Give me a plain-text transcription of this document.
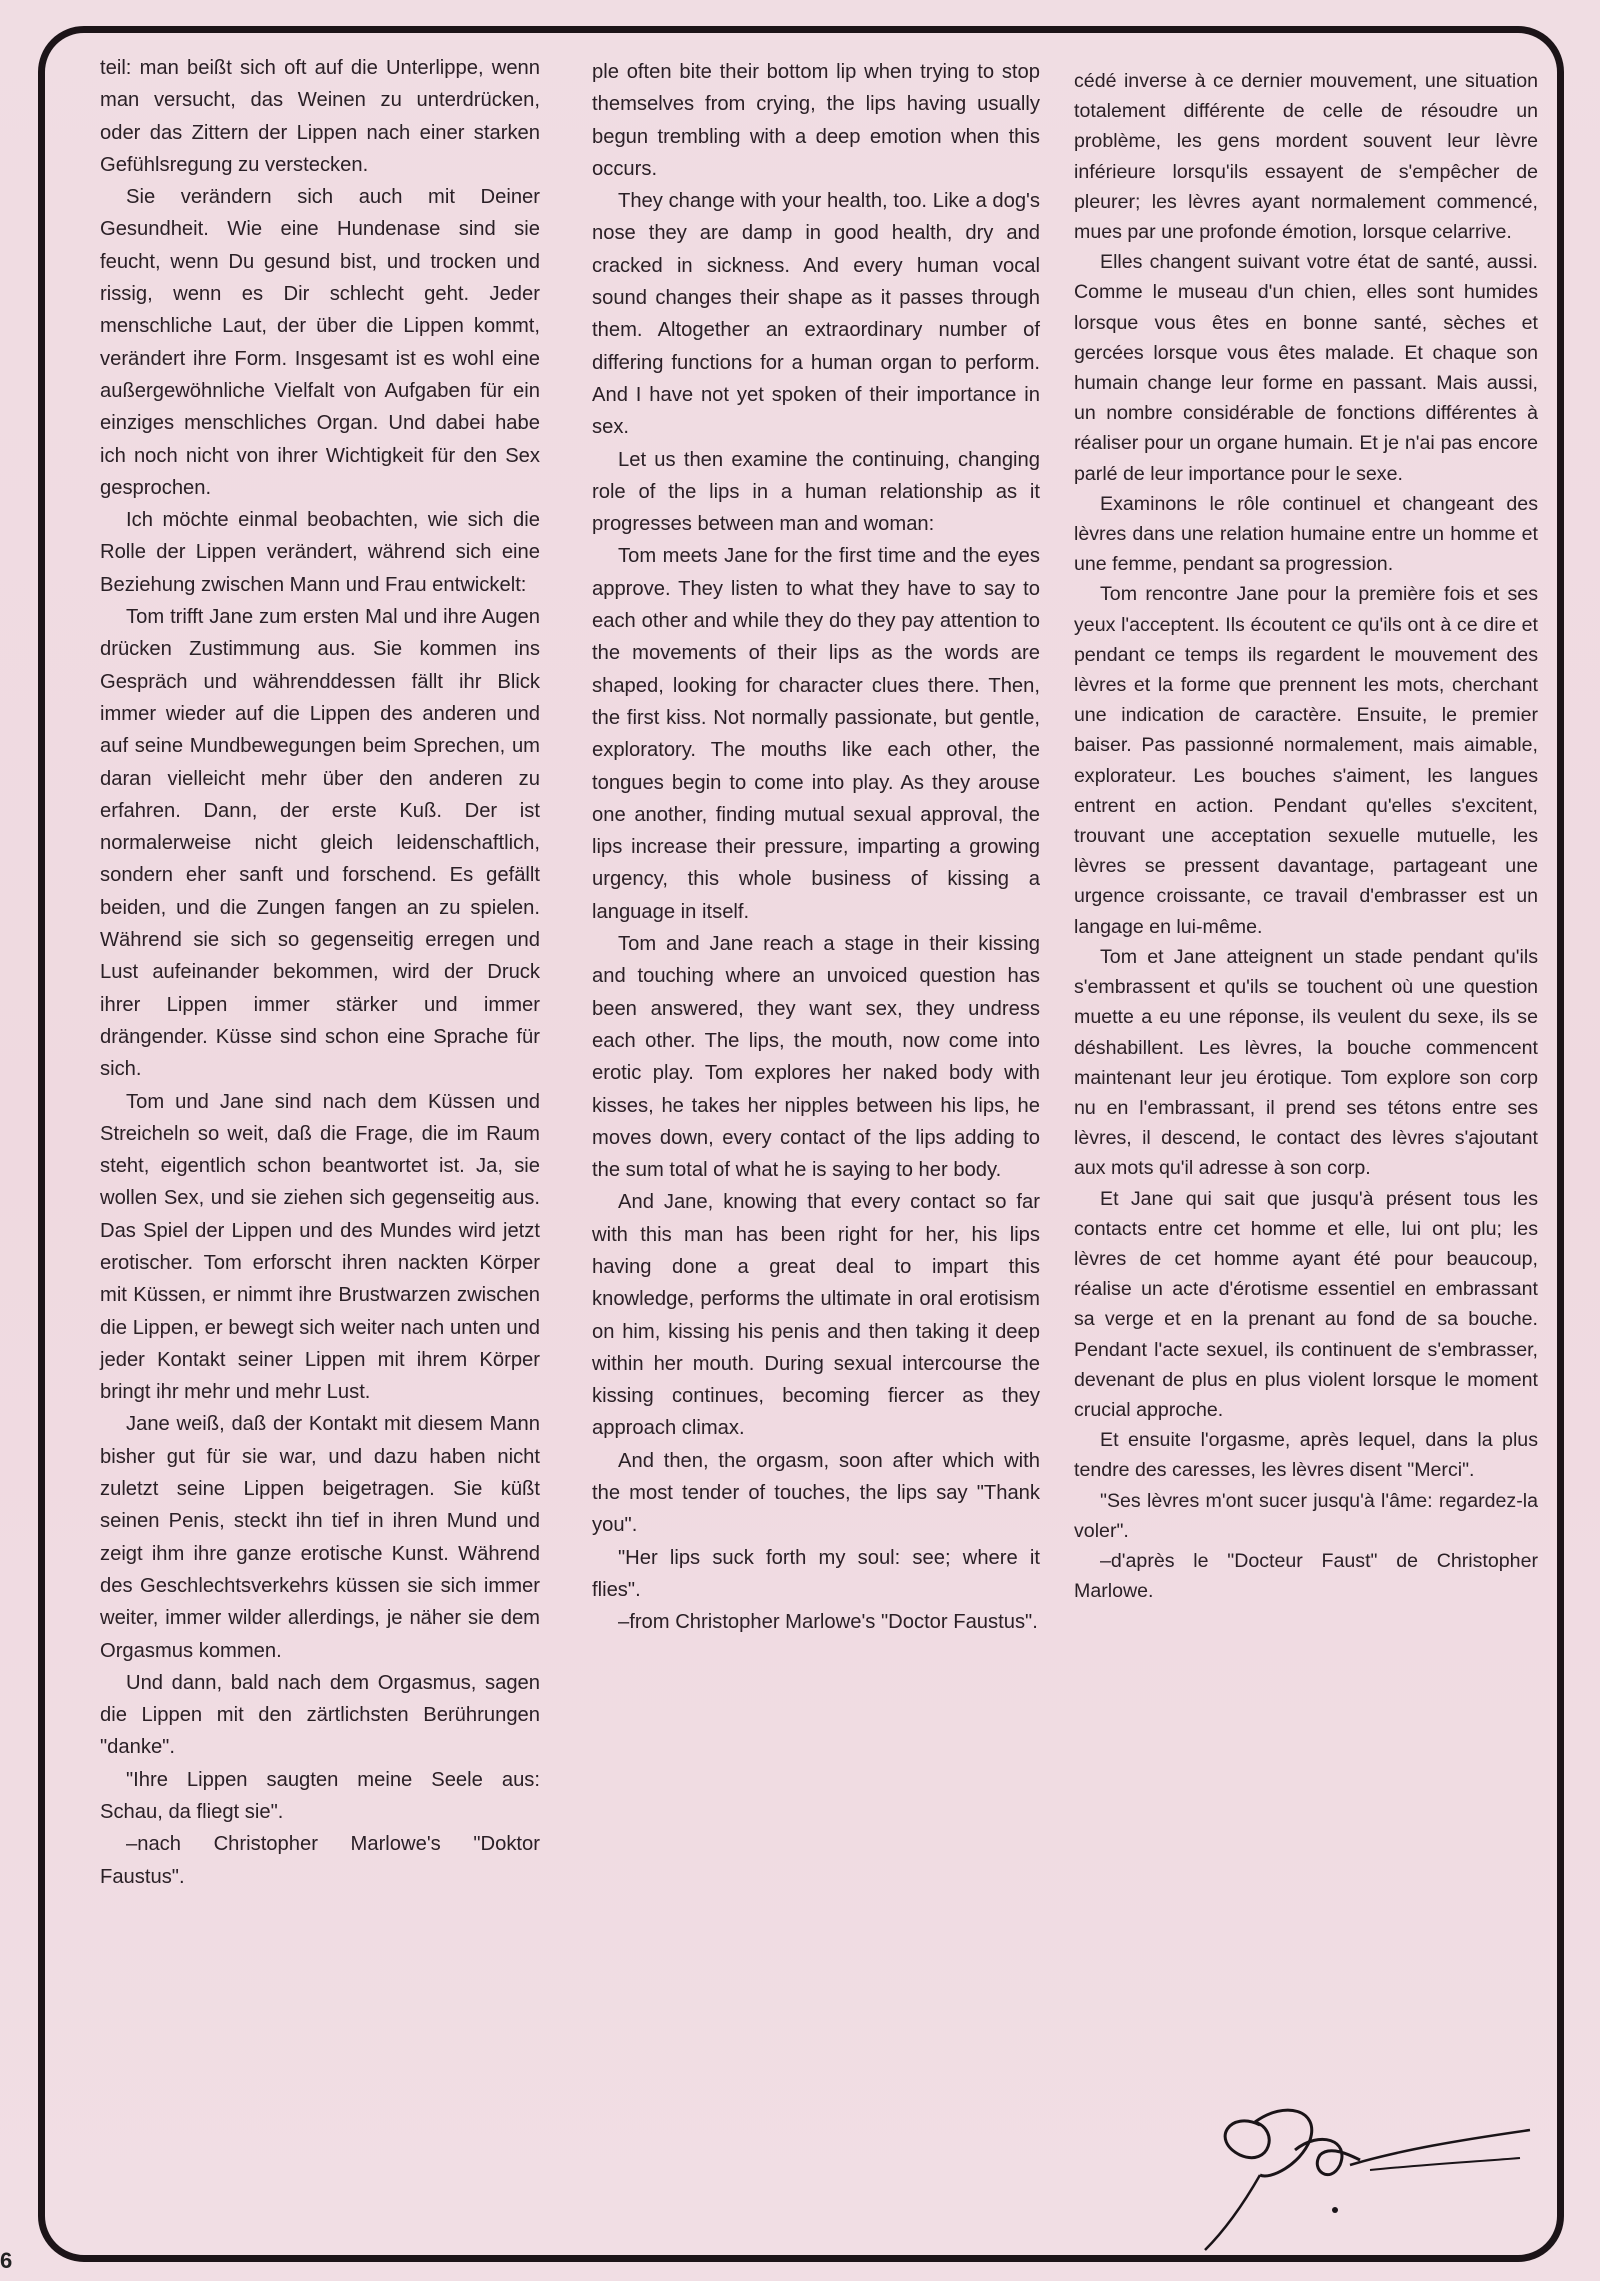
teil: man beißt sich oft auf die Unterlippe, wenn man versucht, das Weinen zu unterdrücken, oder das Zittern der Lippen nach einer starken Gefühlsregung zu verstecken.

Sie verändern sich auch mit Deiner Gesundheit. Wie eine Hundenase sind sie feucht, wenn Du gesund bist, und trocken und rissig, wenn es Dir schlecht geht. Jeder menschliche Laut, der über die Lippen kommt, verändert ihre Form. Insgesamt ist es wohl eine außergewöhnliche Vielfalt von Aufgaben für ein einziges menschliches Organ. Und dabei habe ich noch nicht von ihrer Wichtigkeit für den Sex gesprochen.

Ich möchte einmal beobachten, wie sich die Rolle der Lippen verändert, während sich eine Beziehung zwischen Mann und Frau entwickelt:

Tom trifft Jane zum ersten Mal und ihre Augen drücken Zustimmung aus. Sie kommen ins Gespräch und währenddessen fällt ihr Blick immer wieder auf die Lippen des anderen und auf seine Mundbewegungen beim Sprechen, um daran vielleicht mehr über den anderen zu erfahren. Dann, der erste Kuß. Der ist normalerweise nicht gleich leidenschaftlich, sondern eher sanft und forschend. Es gefällt beiden, und die Zungen fangen an zu spielen. Während sie sich so gegenseitig erregen und Lust aufeinander bekommen, wird der Druck ihrer Lippen immer stärker und immer drängender. Küsse sind schon eine Sprache für sich.

Tom und Jane sind nach dem Küssen und Streicheln so weit, daß die Frage, die im Raum steht, eigentlich schon beantwortet ist. Ja, sie wollen Sex, und sie ziehen sich gegenseitig aus. Das Spiel der Lippen und des Mundes wird jetzt erotischer. Tom erforscht ihren nackten Körper mit Küssen, er nimmt ihre Brustwarzen zwischen die Lippen, er bewegt sich weiter nach unten und jeder Kontakt seiner Lippen mit ihrem Körper bringt ihr mehr und mehr Lust.

Jane weiß, daß der Kontakt mit diesem Mann bisher gut für sie war, und dazu haben nicht zuletzt seine Lippen beigetragen. Sie küßt seinen Penis, steckt ihn tief in ihren Mund und zeigt ihm ihre ganze erotische Kunst. Während des Geschlechtsverkehrs küssen sie sich immer weiter, immer wilder allerdings, je näher sie dem Orgasmus kommen.

Und dann, bald nach dem Orgasmus, sagen die Lippen mit den zärtlichsten Berührungen "danke".

"Ihre Lippen saugten meine Seele aus: Schau, da fliegt sie".

–nach Christopher Marlowe's "Doktor Faustus".

ple often bite their bottom lip when trying to stop themselves from crying, the lips having usually begun trembling with a deep emotion when this occurs.

They change with your health, too. Like a dog's nose they are damp in good health, dry and cracked in sickness. And every human vocal sound changes their shape as it passes through them. Altogether an extraordinary number of differing functions for a human organ to perform. And I have not yet spoken of their importance in sex.

Let us then examine the continuing, changing role of the lips in a human relationship as it progresses between man and woman:

Tom meets Jane for the first time and the eyes approve. They listen to what they have to say to each other and while they do they pay attention to the movements of their lips as the words are shaped, looking for character clues there. Then, the first kiss. Not normally passionate, but gentle, exploratory. The mouths like each other, the tongues begin to come into play. As they arouse one another, finding mutual sexual approval, the lips increase their pressure, imparting a growing urgency, this whole business of kissing a language in itself.

Tom and Jane reach a stage in their kissing and touching where an unvoiced question has been answered, they want sex, they undress each other. The lips, the mouth, now come into erotic play. Tom explores her naked body with kisses, he takes her nipples between his lips, he moves down, every contact of the lips adding to the sum total of what he is saying to her body.

And Jane, knowing that every contact so far with this man has been right for her, his lips having done a great deal to impart this knowledge, performs the ultimate in oral erotisism on him, kissing his penis and then taking it deep within her mouth. During sexual intercourse the kissing continues, becoming fiercer as they approach climax.

And then, the orgasm, soon after which with the most tender of touches, the lips say "Thank you".

"Her lips suck forth my soul: see; where it flies".

–from Christopher Marlowe's "Doctor Faustus".

cédé inverse à ce dernier mouvement, une situation totalement différente de celle de résoudre un problème, les gens mordent souvent leur lèvre inférieure lorsqu'ils essayent de s'empêcher de pleurer; les lèvres ayant normalement commencé, mues par une profonde émotion, lorsque celarrive.

Elles changent suivant votre état de santé, aussi. Comme le museau d'un chien, elles sont humides lorsque vous êtes en bonne santé, sèches et gercées lorsque vous êtes malade. Et chaque son humain change leur forme en passant. Mais aussi, un nombre considérable de fonctions différentes à réaliser pour un organe humain. Et je n'ai pas encore parlé de leur importance pour le sexe.

Examinons le rôle continuel et changeant des lèvres dans une relation humaine entre un homme et une femme, pendant sa progression.

Tom rencontre Jane pour la première fois et ses yeux l'acceptent. Ils écoutent ce qu'ils ont à ce dire et pendant ce temps ils regardent le mouvement des lèvres et la forme que prennent les mots, cherchant une indication de caractère. Ensuite, le premier baiser. Pas passionné normalement, mais aimable, explorateur. Les bouches s'aiment, les langues entrent en action. Pendant qu'elles s'excitent, trouvant une acceptation sexuelle mutuelle, les lèvres se pressent davantage, partageant une urgence croissante, ce travail d'embrasser est un langage en lui-même.

Tom et Jane atteignent un stade pendant qu'ils s'embrassent et qu'ils se touchent où une question muette a eu une réponse, ils veulent du sexe, ils se déshabillent. Les lèvres, la bouche commencent maintenant leur jeu érotique. Tom explore son corp nu en l'embrassant, il prend ses tétons entre ses lèvres, il descend, le contact des lèvres s'ajoutant aux mots qu'il adresse à son corp.

Et Jane qui sait que jusqu'à présent tous les contacts entre cet homme et elle, lui ont plu; les lèvres de cet homme ayant été pour beaucoup, réalise un acte d'érotisme essentiel en embrassant sa verge et en la prenant au fond de sa bouche. Pendant l'acte sexuel, ils continuent de s'embrasser, devenant de plus en plus violent lorsque le moment crucial approche.

Et ensuite l'orgasme, après lequel, dans la plus tendre des caresses, les lèvres disent "Merci".

"Ses lèvres m'ont sucer jusqu'à l'âme: regardez-la voler".

–d'après le "Docteur Faust" de Christopher Marlowe.

6
